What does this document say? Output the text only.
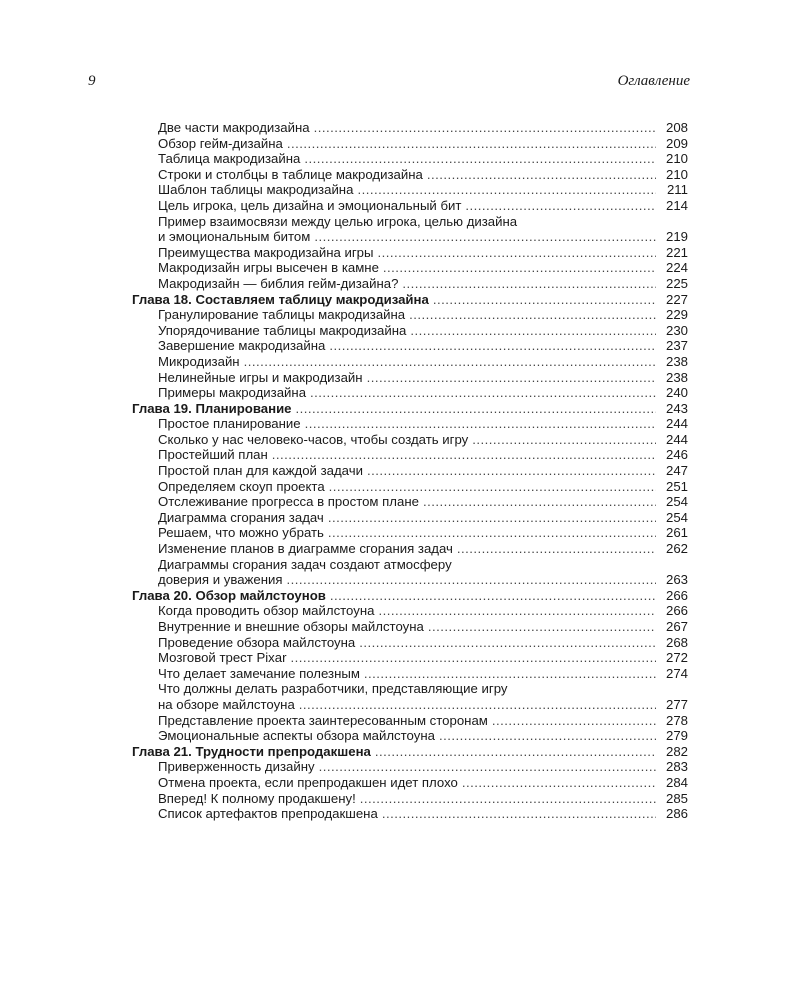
9	Оглавление
Две части макродизайна . . .	208
Обзор гейм-дизайна . . .	209
Таблица макродизайна . . .	210
Строки и столбцы в таблице макродизайна . . .	210
Шаблон таблицы макродизайна . . .	211
Цель игрока, цель дизайна и эмоциональный бит . . .	214
Пример взаимосвязи между целью игрока, целью дизайна
и эмоциональным битом . . .	219
Преимущества макродизайна игры . . .	221
Макродизайн игры высечен в камне . . .	224
Макродизайн — библия гейм-дизайна? . . .	225
Глава 18. Составляем таблицу макродизайна . . .	227
Гранулирование таблицы макродизайна . . .	229
Упорядочивание таблицы макродизайна . . .	230
Завершение макродизайна . . .	237
Микродизайн . . .	238
Нелинейные игры и макродизайн . . .	238
Примеры макродизайна . . .	240
Глава 19. Планирование . . .	243
Простое планирование . . .	244
Сколько у нас человеко-часов, чтобы создать игру . . .	244
Простейший план . . .	246
Простой план для каждой задачи . . .	247
Определяем скоуп проекта . . .	251
Отслеживание прогресса в простом плане . . .	254
Диаграмма сгорания задач . . .	254
Решаем, что можно убрать . . .	261
Изменение планов в диаграмме сгорания задач . . .	262
Диаграммы сгорания задач создают атмосферу
доверия и уважения . . .	263
Глава 20. Обзор майлстоунов . . .	266
Когда проводить обзор майлстоуна . . .	266
Внутренние и внешние обзоры майлстоуна . . .	267
Проведение обзора майлстоуна . . .	268
Мозговой трест Pixar . . .	272
Что делает замечание полезным . . .	274
Что должны делать разработчики, представляющие игру
на обзоре майлстоуна . . .	277
Представление проекта заинтересованным сторонам . . .	278
Эмоциональные аспекты обзора майлстоуна . . .	279
Глава 21. Трудности препродакшена . . .	282
Приверженность дизайну . . .	283
Отмена проекта, если препродакшен идет плохо . . .	284
Вперед! К полному продакшену! . . .	285
Список артефактов препродакшена . . .	286
